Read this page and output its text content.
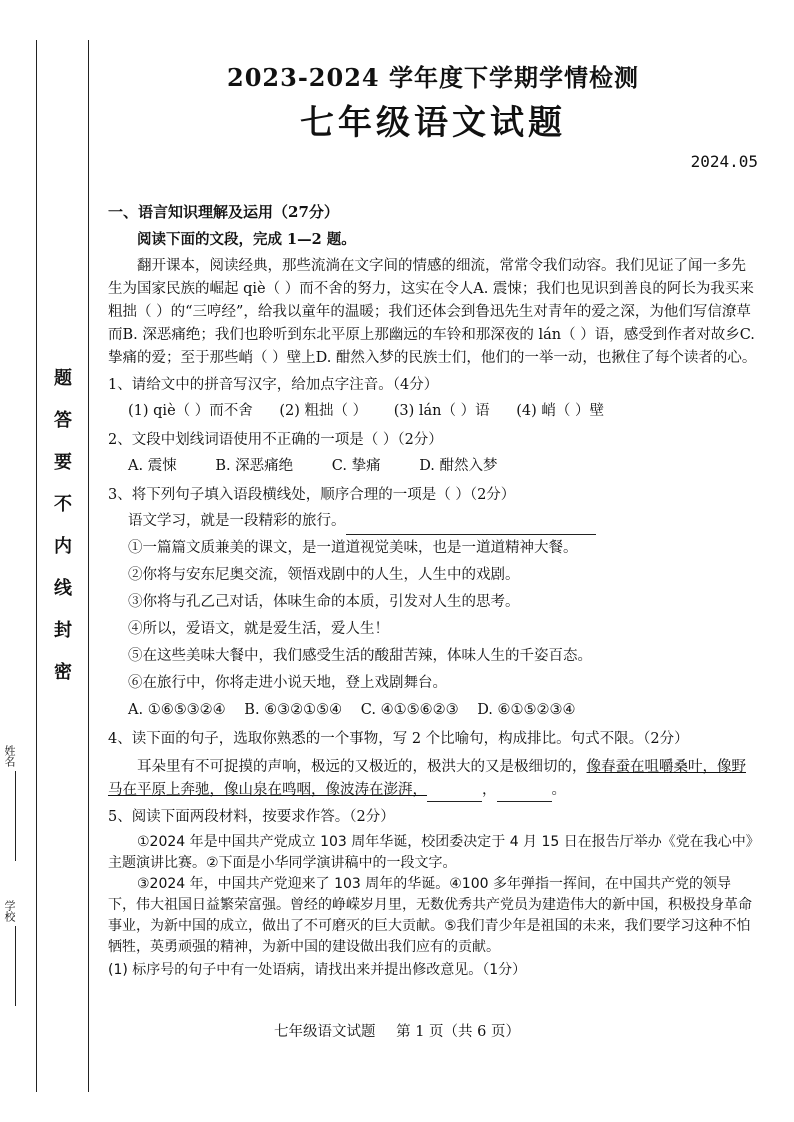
题
答
要
不
内
线
封
密
姓名
学校
2023-2024 学年度下学期学情检测
七年级语文试题
2024.05
一、语言知识理解及运用（27分）
阅读下面的文段，完成 1—2 题。
翻开课本，阅读经典，那些流淌在文字间的情感的细流，常常令我们动容。我们见证了闻一多先生为国家民族的崛起 qiè（ ）而不舍的努力，这实在令人A. 震悚；我们也见识到善良的阿长为我买来粗拙（ ）的“三哼经”，给我以童年的温暖；我们还体会到鲁迅先生对青年的爱之深，为他们写信潦草而B. 深恶痛绝；我们也聆听到东北平原上那幽远的车铃和那深夜的 lán（ ）语，感受到作者对故乡C. 挚痛的爱；至于那些峭（ ）壁上D. 酣然入梦的民族士们，他们的一举一动，也揪住了每个读者的心。
1、请给文中的拼音写汉字，给加点字注音。（4分）
(1) qiè（ ）而不舍 (2) 粗拙（ ） (3) lán（ ）语 (4) 峭（ ）壁
2、文段中划线词语使用不正确的一项是（ ）（2分）
A. 震悚	B. 深恶痛绝	C. 挚痛	D. 酣然入梦
3、将下列句子填入语段横线处，顺序合理的一项是（ ）（2分）
语文学习，就是一段精彩的旅行。
①一篇篇文质兼美的课文，是一道道视觉美味，也是一道道精神大餐。
②你将与安东尼奥交流，领悟戏剧中的人生，人生中的戏剧。
③你将与孔乙己对话，体味生命的本质，引发对人生的思考。
④所以，爱语文，就是爱生活，爱人生！
⑤在这些美味大餐中，我们感受生活的酸甜苦辣，体味人生的千姿百态。
⑥在旅行中，你将走进小说天地，登上戏剧舞台。
A. ①⑥⑤③②④ B. ⑥③②①⑤④ C. ④①⑤⑥②③ D. ⑥①⑤②③④
4、读下面的句子，选取你熟悉的一个事物，写 2 个比喻句，构成排比。句式不限。（2分）
耳朵里有不可捉摸的声响，极远的又极近的，极洪大的又是极细切的，像春蚕在咀嚼桑叶，像野马在平原上奔驰，像山泉在鸣咽，像波涛在澎湃，	，	。
5、阅读下面两段材料，按要求作答。（2分）
①2024 年是中国共产党成立 103 周年华诞，校团委决定于 4 月 15 日在报告厅举办《党在我心中》主题演讲比赛。②下面是小华同学演讲稿中的一段文字。
③2024 年，中国共产党迎来了 103 周年的华诞。④100 多年弹指一挥间，在中国共产党的领导下，伟大祖国日益繁荣富强。曾经的峥嵘岁月里，无数优秀共产党员为建造伟大的新中国，积极投身革命事业，为新中国的成立，做出了不可磨灭的巨大贡献。⑤我们青少年是祖国的未来，我们要学习这种不怕牺牲，英勇顽强的精神，为新中国的建设做出我们应有的贡献。
(1) 标序号的句子中有一处语病，请找出来并提出修改意见。（1分）
七年级语文试题 第 1 页（共 6 页）
